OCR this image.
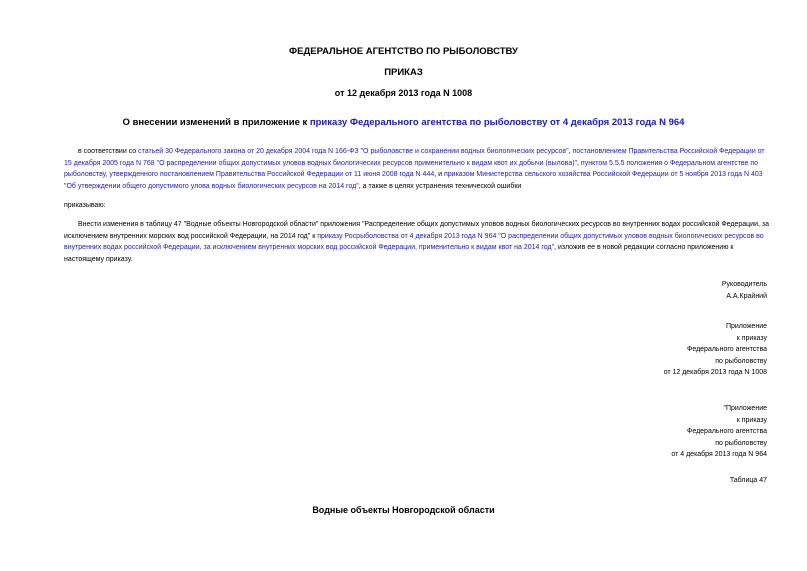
ФЕДЕРАЛЬНОЕ АГЕНТСТВО ПО РЫБОЛОВСТВУ
ПРИКАЗ
от 12 декабря 2013 года N 1008
О внесении изменений в приложение к приказу Федерального агентства по рыболовству от 4 декабря 2013 года N 964
в соответствии со статьей 30 Федерального закона от 20 декабря 2004 года N 166-ФЗ "О рыболовстве и сохранении водных биологических ресурсов", постановлением Правительства Российской Федерации от 15 декабря 2005 года N 768 "О распределении общих допустимых уловов водных биологических ресурсов применительно к видам квот их добычи (вылова)", пунктом 5.5.5 положения о Федеральном агентстве по рыболовству, утвержденного постановлением Правительства Российской Федерации от 11 июня 2008 года N 444, и приказом Министерства сельского хозяйства Российской Федерации от 5 ноября 2013 года N 403 "Об утверждении общего допустимого улова водных биологических ресурсов на 2014 год", а также в целях устранения технической ошибки
приказываю:
Внести изменения в таблицу 47 "Водные объекты Новгородской области" приложения "Распределение общих допустимых уловов водных биологических ресурсов во внутренних водах российской Федерации, за исключением внутренних морских вод российской Федерации, на 2014 год" к приказу Росрыболовства от 4 декабря 2013 года N 964 "О распределении общих допустимых уловов водных биологических ресурсов во внутренних водах российской Федерации, за исключением внутренних морских вод российской Федерации, применительно к видам квот на 2014 год", изложив ее в новой редакции согласно приложению к настоящему приказу.
Руководитель
А.А.Крайний
Приложение
к приказу
Федерального агентства
по рыболовству
от 12 декабря 2013 года N 1008
"Приложение
к приказу
Федерального агентства
по рыболовству
от 4 декабря 2013 года N 964
Таблица 47
Водные объекты Новгородской области
